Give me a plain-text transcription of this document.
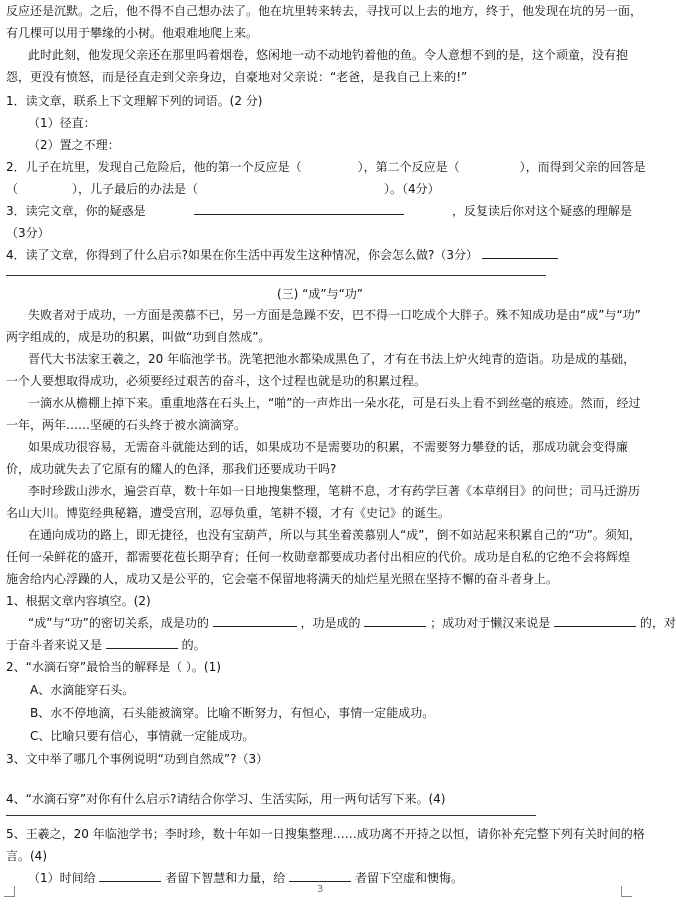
反应还是沉默。之后，他不得不自己想办法了。他在坑里转来转去，寻找可以上去的地方，终于，他发现在坑的另一面，
有几棵可以用于攀缘的小树。他艰难地爬上来。
此时此刻，他发现父亲还在那里吗着烟卷，悠闲地一动不动地钓着他的鱼。令人意想不到的是，这个顽童，没有抱
怨，更没有愤怒，而是径直走到父亲身边，自豪地对父亲说：“老爸，是我自己上来的!”
1．读文章，联系上下文理解下列的词语。(2 分)
（1）径直：
（2）置之不理：
2．儿子在坑里，发现自己危险后，他的第一个反应是（	），第二个反应是（	），而得到父亲的回答是
（	），儿子最后的办法是（	）。（4分）
3．读完文章，你的疑惑是	，反复读后你对这个疑惑的理解是
（3分）
4．读了文章，你得到了什么启示?如果在你生活中再发生这种情况，你会怎么做?（3分）
(三) “成”与“功”
失败者对于成功，一方面是羡慕不已，另一方面是急躁不安，巴不得一口吃成个大胖子。殊不知成功是由“成”与“功”
两字组成的，成是功的积累，叫做“功到自然成”。
晋代大书法家王羲之，20 年临池学书。洗笔把池水都染成黑色了，才有在书法上炉火纯青的造诣。功是成的基础，
一个人要想取得成功，必须要经过艰苦的奋斗，这个过程也就是功的积累过程。
一滴水从檐棚上掉下来。重重地落在石头上，“啪”的一声炸出一朵水花，可是石头上看不到丝毫的痕迹。然而，经过
一年，两年……坚硬的石头终于被水滴滴穿。
如果成功很容易，无需奋斗就能达到的话，如果成功不是需要功的积累，不需要努力攀登的话，那成功就会变得廉
价，成功就失去了它原有的耀人的色泽，那我们还要成功干吗?
李时珍跋山涉水，遍尝百草，数十年如一日地搜集整理，笔耕不息，才有药学巨著《本草纲目》的问世；司马迁游历
名山大川。博览经典秘籍，遭受宫刑，忍辱负重，笔耕不辍，才有《史记》的诞生。
在通向成功的路上，即无捷径，也没有宝葫芦，所以与其坐着羡慕别人“成”，倒不如站起来积累自己的“功”。须知，
任何一朵鲜花的盛开，都需要花苞长期孕育；任何一枚勋章都要成功者付出相应的代价。成功是自私的它绝不会将辉煌
施舍给内心浮躁的人，成功又是公平的，它会毫不保留地将满天的灿烂星光照在坚持不懈的奋斗者身上。
1、根据文章内容填空。(2)
“成”与“功”的密切关系，成是功的	，功是成的	；成功对于懒汉来说是	的，对
于奋斗者来说又是	的。
2、“水滴石穿”最恰当的解释是（ ）。(1)
A、水滴能穿石头。
B、水不停地滴，石头能被滴穿。比喻不断努力，有恒心，事情一定能成功。
C、比喻只要有信心，事情就一定能成功。
3、文中举了哪几个事例说明“功到自然成”?（3）
4、“水滴石穿”对你有什么启示?请结合你学习、生活实际，用一两句话写下来。(4)
5、王羲之，20 年临池学书；李时珍，数十年如一日搜集整理……成功离不开持之以恒，请你补充完整下列有关时间的格
言。(4)
（1）时间给	者留下智慧和力量，给	者留下空虚和懊悔。
3
